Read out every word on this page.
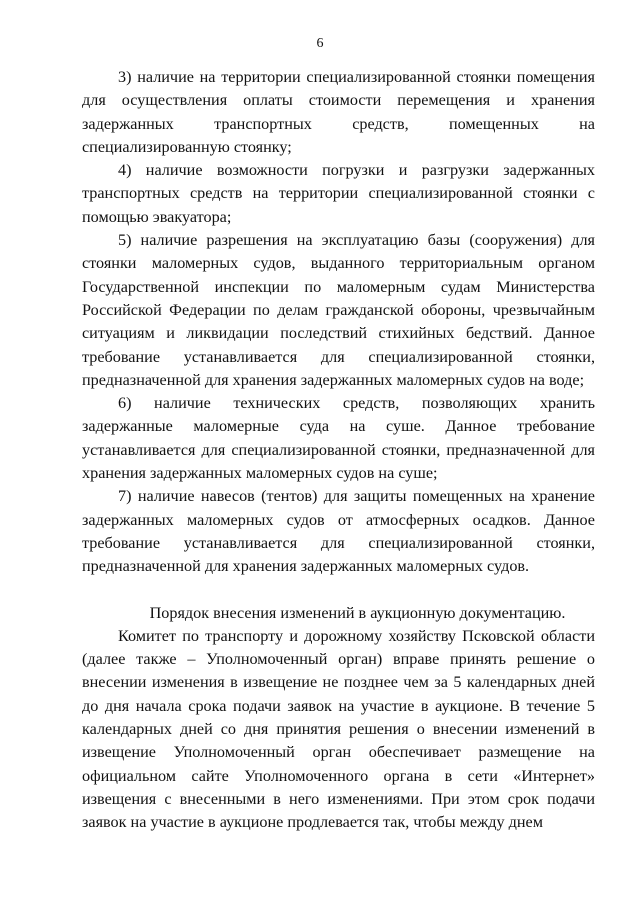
6

3) наличие на территории специализированной стоянки помещения для осуществления оплаты стоимости перемещения и хранения задержанных транспортных средств, помещенных на специализированную стоянку;

4) наличие возможности погрузки и разгрузки задержанных транспортных средств на территории специализированной стоянки с помощью эвакуатора;

5) наличие разрешения на эксплуатацию базы (сооружения) для стоянки маломерных судов, выданного территориальным органом Государственной инспекции по маломерным судам Министерства Российской Федерации по делам гражданской обороны, чрезвычайным ситуациям и ликвидации последствий стихийных бедствий. Данное требование устанавливается для специализированной стоянки, предназначенной для хранения задержанных маломерных судов на воде;

6) наличие технических средств, позволяющих хранить задержанные маломерные суда на суше. Данное требование устанавливается для специализированной стоянки, предназначенной для хранения задержанных маломерных судов на суше;

7) наличие навесов (тентов) для защиты помещенных на хранение задержанных маломерных судов от атмосферных осадков. Данное требование устанавливается для специализированной стоянки, предназначенной для хранения задержанных маломерных судов.

Порядок внесения изменений в аукционную документацию.

Комитет по транспорту и дорожному хозяйству Псковской области (далее также – Уполномоченный орган) вправе принять решение о внесении изменения в извещение не позднее чем за 5 календарных дней до дня начала срока подачи заявок на участие в аукционе. В течение 5 календарных дней со дня принятия решения о внесении изменений в извещение Уполномоченный орган обеспечивает размещение на официальном сайте Уполномоченного органа в сети «Интернет» извещения с внесенными в него изменениями. При этом срок подачи заявок на участие в аукционе продлевается так, чтобы между днем
